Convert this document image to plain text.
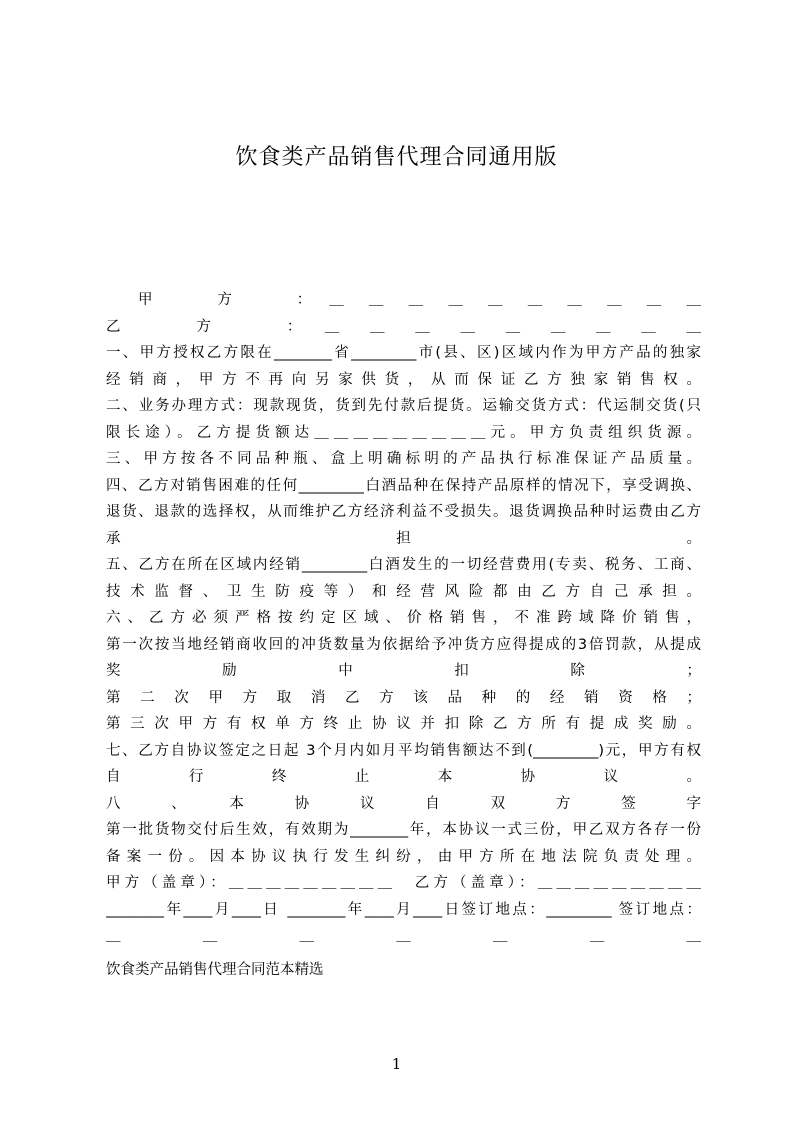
饮食类产品销售代理合同通用版
甲　　　方　　　：　＿　＿　＿　＿　＿　＿　＿　＿　＿　＿
乙　　　方　　　：　＿　＿　＿　＿　＿　＿　＿　＿　＿
一、甲方授权乙方限在________省_________市(县、区)区域内作为甲方产品的独家
经销商，甲方不再向另家供货，从而保证乙方独家销售权。
二、业务办理方式：现款现货，货到先付款后提货。运输交货方式：代运制交货(只
限长途）。乙方提货额达＿＿＿＿＿＿＿＿＿元。甲方负责组织货源。
三、甲方按各不同品种瓶、盒上明确标明的产品执行标准保证产品质量。
四、乙方对销售困难的任何_________白酒品种在保持产品原样的情况下，享受调换、
退货、退款的选择权，从而维护乙方经济利益不受损失。退货调换品种时运费由乙方
承　　　　　　　　担　　　　　　　　。
五、乙方在所在区域内经销_________白酒发生的一切经营费用(专卖、税务、工商、
技术监督、卫生防疫等）和经营风险都由乙方自己承担。
六、乙方必须严格按约定区域、价格销售，不准跨域降价销售，
第一次按当地经销商收回的冲货数量为依据给予冲货方应得提成的3倍罚款，从提成
奖　　　励　　　中　　　扣　　　除　　　；
第二次甲方取消乙方该品种的经销资格；
第三次甲方有权单方终止协议并扣除乙方所有提成奖励。
七、乙方自协议签定之日起 3个月内如月平均销售额达不到(_________)元，甲方有权
自　　　行　　　终　　　止　　　本　　　协　　　议　　　。
八　　、　　本　　协　　议　　自　　双　　方　　签　　字
第一批货物交付后生效，有效期为________年，本协议一式三份，甲乙双方各存一份
备案一份。因本协议执行发生纠纷，由甲方所在地法院负责处理。
甲方（盖章）：＿＿＿＿＿＿＿＿＿　乙方（盖章）：＿＿＿＿＿＿＿＿＿
________年____月____日 ________年____月____日签订地点：_________ 签订地点：
＿　　＿　　＿　　＿　　＿　　＿　　＿
饮食类产品销售代理合同范本精选
1
